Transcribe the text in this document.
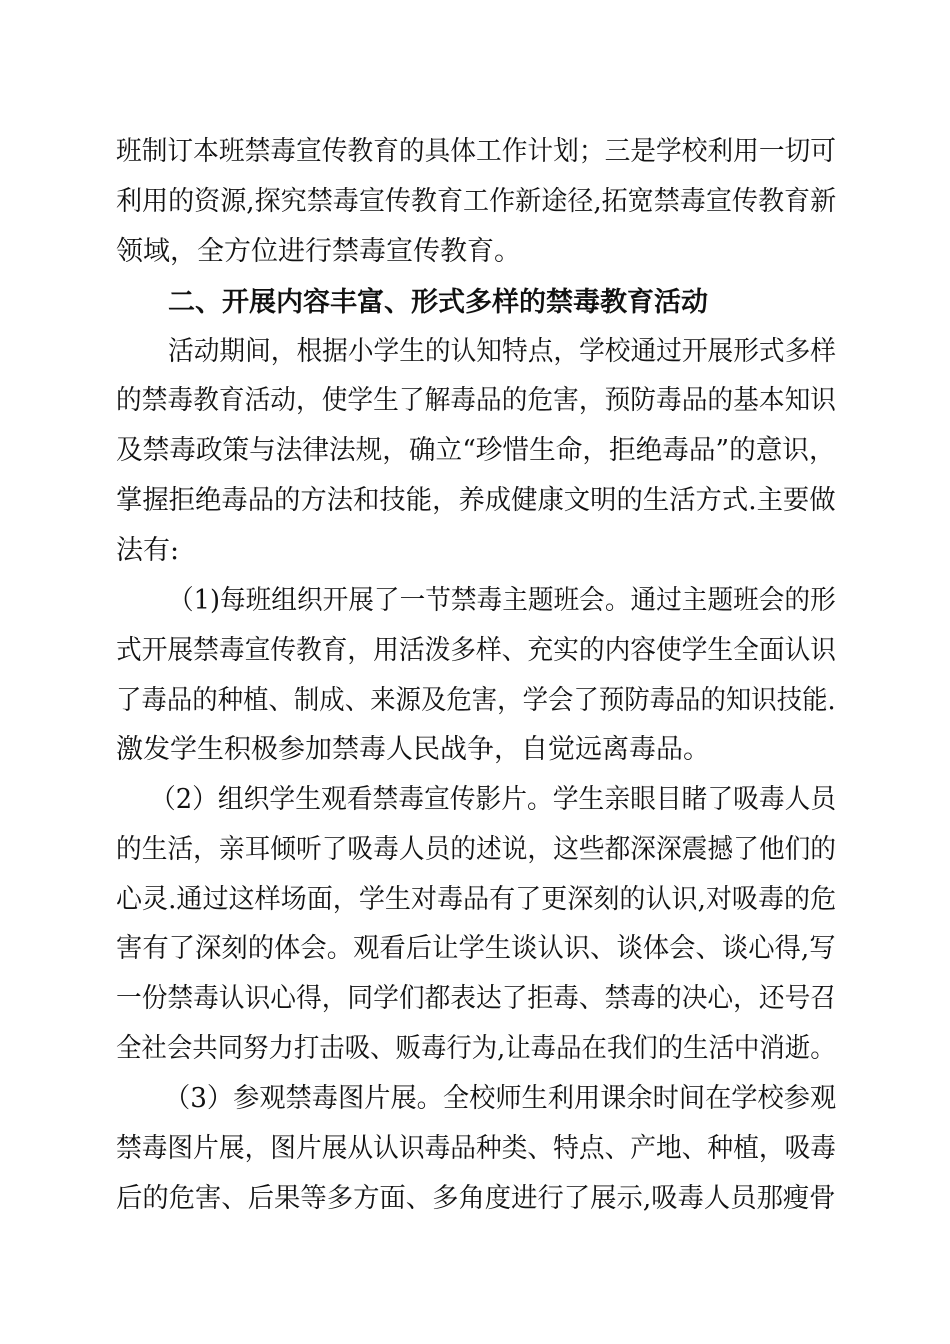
班制订本班禁毒宣传教育的具体工作计划；三是学校利用一切可
利用的资源,探究禁毒宣传教育工作新途径,拓宽禁毒宣传教育新
领域，全方位进行禁毒宣传教育。
二、开展内容丰富、形式多样的禁毒教育活动
活动期间，根据小学生的认知特点，学校通过开展形式多样
的禁毒教育活动，使学生了解毒品的危害，预防毒品的基本知识
及禁毒政策与法律法规，确立“珍惜生命，拒绝毒品”的意识，
掌握拒绝毒品的方法和技能，养成健康文明的生活方式.主要做
法有:
（1)每班组织开展了一节禁毒主题班会。通过主题班会的形
式开展禁毒宣传教育，用活泼多样、充实的内容使学生全面认识
了毒品的种植、制成、来源及危害，学会了预防毒品的知识技能.
激发学生积极参加禁毒人民战争，自觉远离毒品。
（2）组织学生观看禁毒宣传影片。学生亲眼目睹了吸毒人员
的生活，亲耳倾听了吸毒人员的述说，这些都深深震撼了他们的
心灵.通过这样场面，学生对毒品有了更深刻的认识,对吸毒的危
害有了深刻的体会。观看后让学生谈认识、谈体会、谈心得,写
一份禁毒认识心得，同学们都表达了拒毒、禁毒的决心，还号召
全社会共同努力打击吸、贩毒行为,让毒品在我们的生活中消逝。
（3）参观禁毒图片展。全校师生利用课余时间在学校参观
禁毒图片展，图片展从认识毒品种类、特点、产地、种植，吸毒
后的危害、后果等多方面、多角度进行了展示,吸毒人员那瘦骨
